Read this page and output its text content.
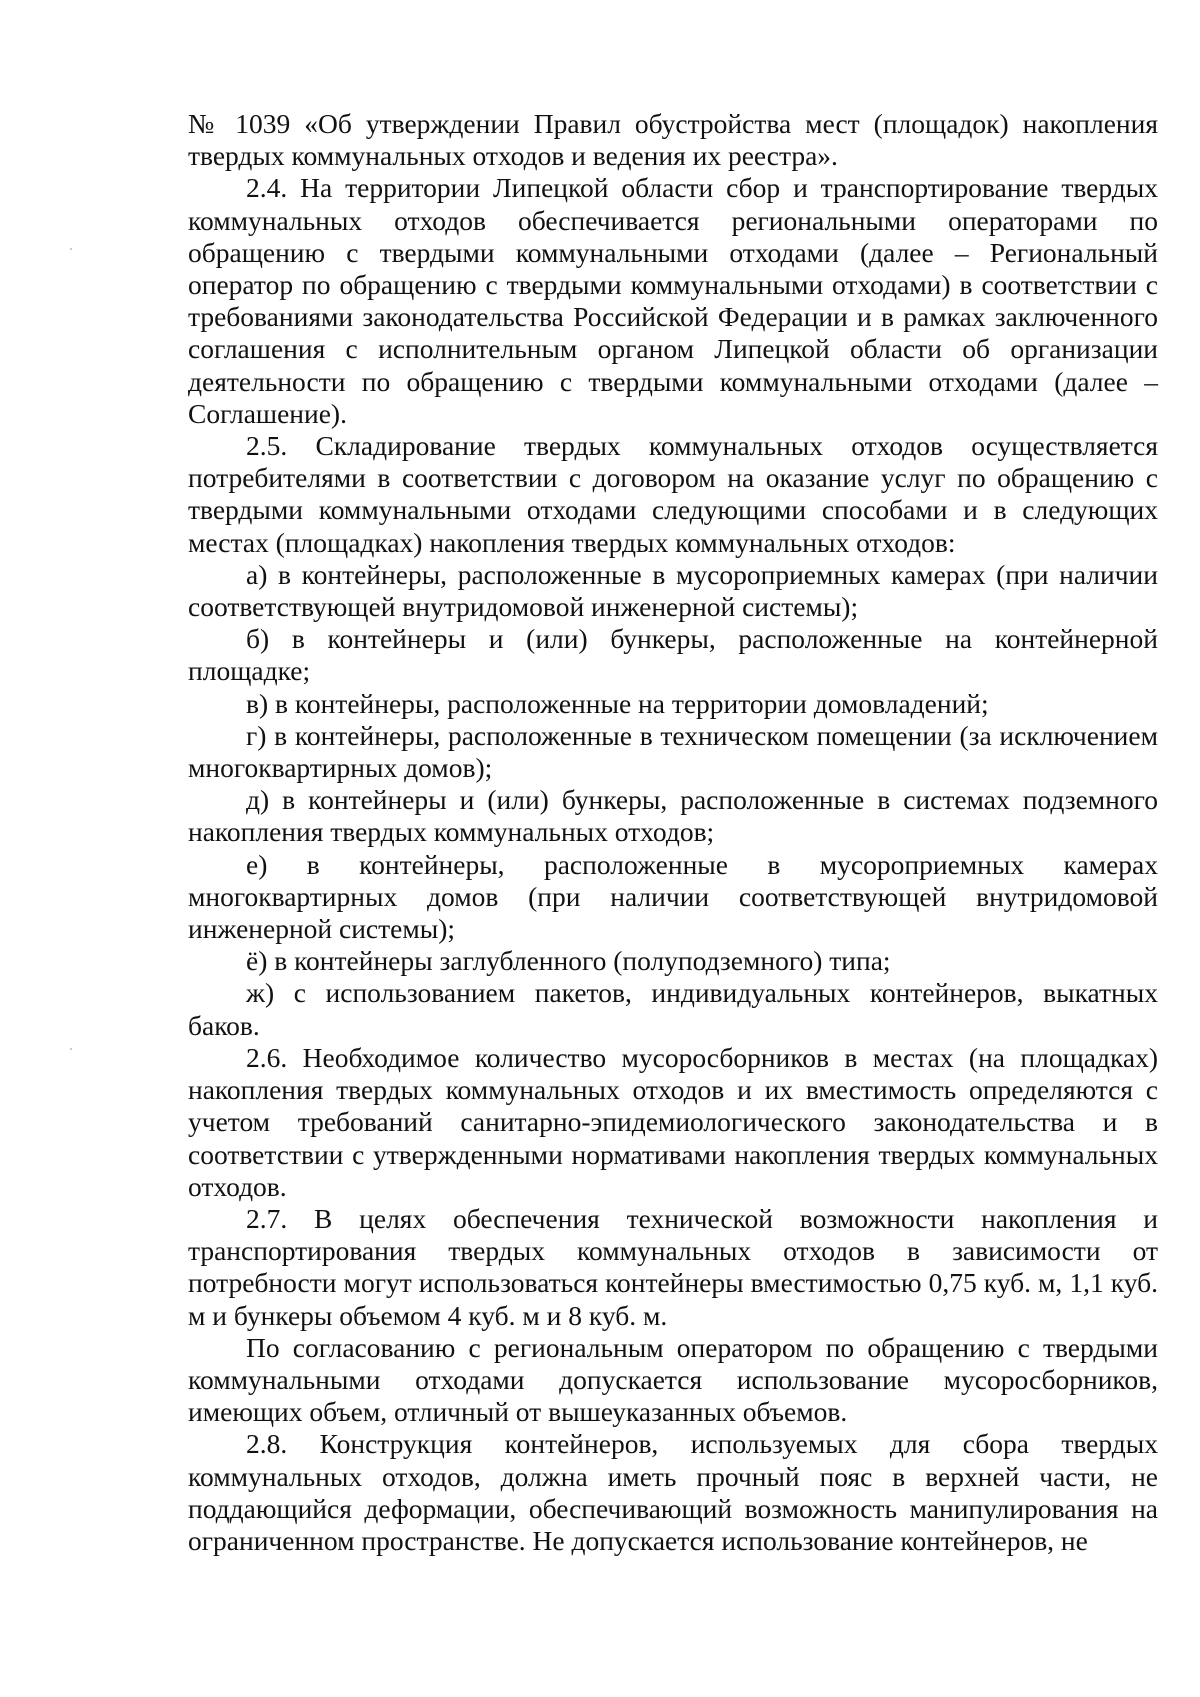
№ 1039 «Об утверждении Правил обустройства мест (площадок) накопления твердых коммунальных отходов и ведения их реестра».

2.4. На территории Липецкой области сбор и транспортирование твердых коммунальных отходов обеспечивается региональными операторами по обращению с твердыми коммунальными отходами (далее – Региональный оператор по обращению с твердыми коммунальными отходами) в соответствии с требованиями законодательства Российской Федерации и в рамках заключенного соглашения с исполнительным органом Липецкой области об организации деятельности по обращению с твердыми коммунальными отходами (далее – Соглашение).

2.5. Складирование твердых коммунальных отходов осуществляется потребителями в соответствии с договором на оказание услуг по обращению с твердыми коммунальными отходами следующими способами и в следующих местах (площадках) накопления твердых коммунальных отходов:

а) в контейнеры, расположенные в мусороприемных камерах (при наличии соответствующей внутридомовой инженерной системы);

б) в контейнеры и (или) бункеры, расположенные на контейнерной площадке;

в) в контейнеры, расположенные на территории домовладений;

г) в контейнеры, расположенные в техническом помещении (за исключением многоквартирных домов);

д) в контейнеры и (или) бункеры, расположенные в системах подземного накопления твердых коммунальных отходов;

е) в контейнеры, расположенные в мусороприемных камерах многоквартирных домов (при наличии соответствующей внутридомовой инженерной системы);

ё) в контейнеры заглубленного (полуподземного) типа;

ж) с использованием пакетов, индивидуальных контейнеров, выкатных баков.

2.6. Необходимое количество мусоросборников в местах (на площадках) накопления твердых коммунальных отходов и их вместимость определяются с учетом требований санитарно-эпидемиологического законодательства и в соответствии с утвержденными нормативами накопления твердых коммунальных отходов.

2.7. В целях обеспечения технической возможности накопления и транспортирования твердых коммунальных отходов в зависимости от потребности могут использоваться контейнеры вместимостью 0,75 куб. м, 1,1 куб. м и бункеры объемом 4 куб. м и 8 куб. м.

По согласованию с региональным оператором по обращению с твердыми коммунальными отходами допускается использование мусоросборников, имеющих объем, отличный от вышеуказанных объемов.

2.8. Конструкция контейнеров, используемых для сбора твердых коммунальных отходов, должна иметь прочный пояс в верхней части, не поддающийся деформации, обеспечивающий возможность манипулирования на ограниченном пространстве. Не допускается использование контейнеров, не
